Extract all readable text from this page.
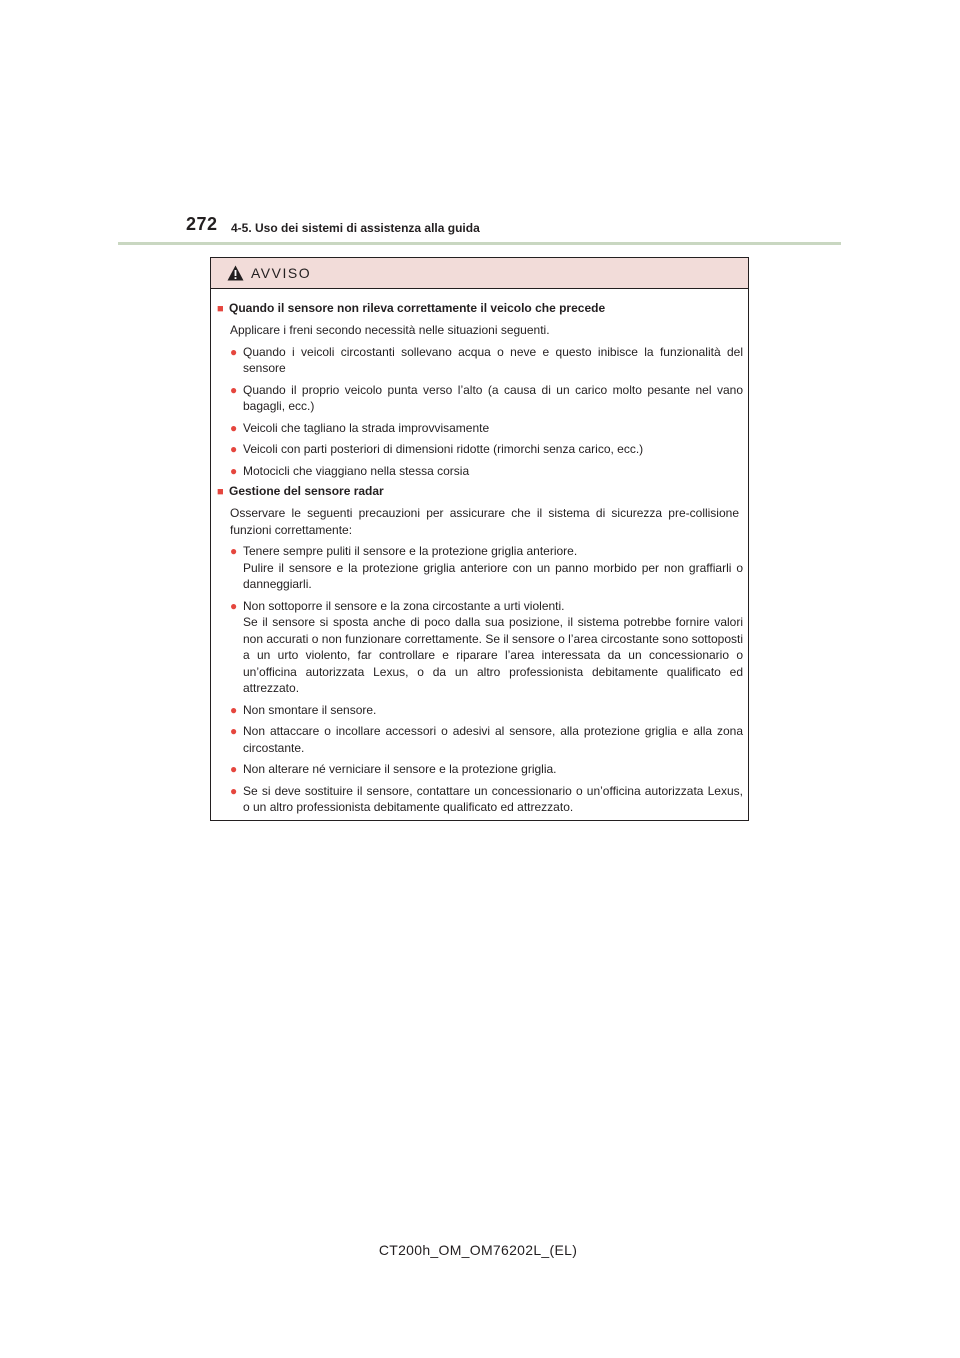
272 4-5. Uso dei sistemi di assistenza alla guida
AVVISO
■ Quando il sensore non rileva correttamente il veicolo che precede
Applicare i freni secondo necessità nelle situazioni seguenti.
● Quando i veicoli circostanti sollevano acqua o neve e questo inibisce la funzionalità del sensore
● Quando il proprio veicolo punta verso l’alto (a causa di un carico molto pesante nel vano bagagli, ecc.)
● Veicoli che tagliano la strada improvvisamente
● Veicoli con parti posteriori di dimensioni ridotte (rimorchi senza carico, ecc.)
● Motocicli che viaggiano nella stessa corsia
■ Gestione del sensore radar
Osservare le seguenti precauzioni per assicurare che il sistema di sicurezza pre-collisione funzioni correttamente:
● Tenere sempre puliti il sensore e la protezione griglia anteriore.
Pulire il sensore e la protezione griglia anteriore con un panno morbido per non graffiarli o danneggiarli.
● Non sottoporre il sensore e la zona circostante a urti violenti.
Se il sensore si sposta anche di poco dalla sua posizione, il sistema potrebbe fornire valori non accurati o non funzionare correttamente. Se il sensore o l’area circostante sono sottoposti a un urto violento, far controllare e riparare l’area interessata da un concessionario o un’officina autorizzata Lexus, o da un altro professionista debitamente qualificato ed attrezzato.
● Non smontare il sensore.
● Non attaccare o incollare accessori o adesivi al sensore, alla protezione griglia e alla zona circostante.
● Non alterare né verniciare il sensore e la protezione griglia.
● Se si deve sostituire il sensore, contattare un concessionario o un’officina autorizzata Lexus, o un altro professionista debitamente qualificato ed attrezzato.
CT200h_OM_OM76202L_(EL)
